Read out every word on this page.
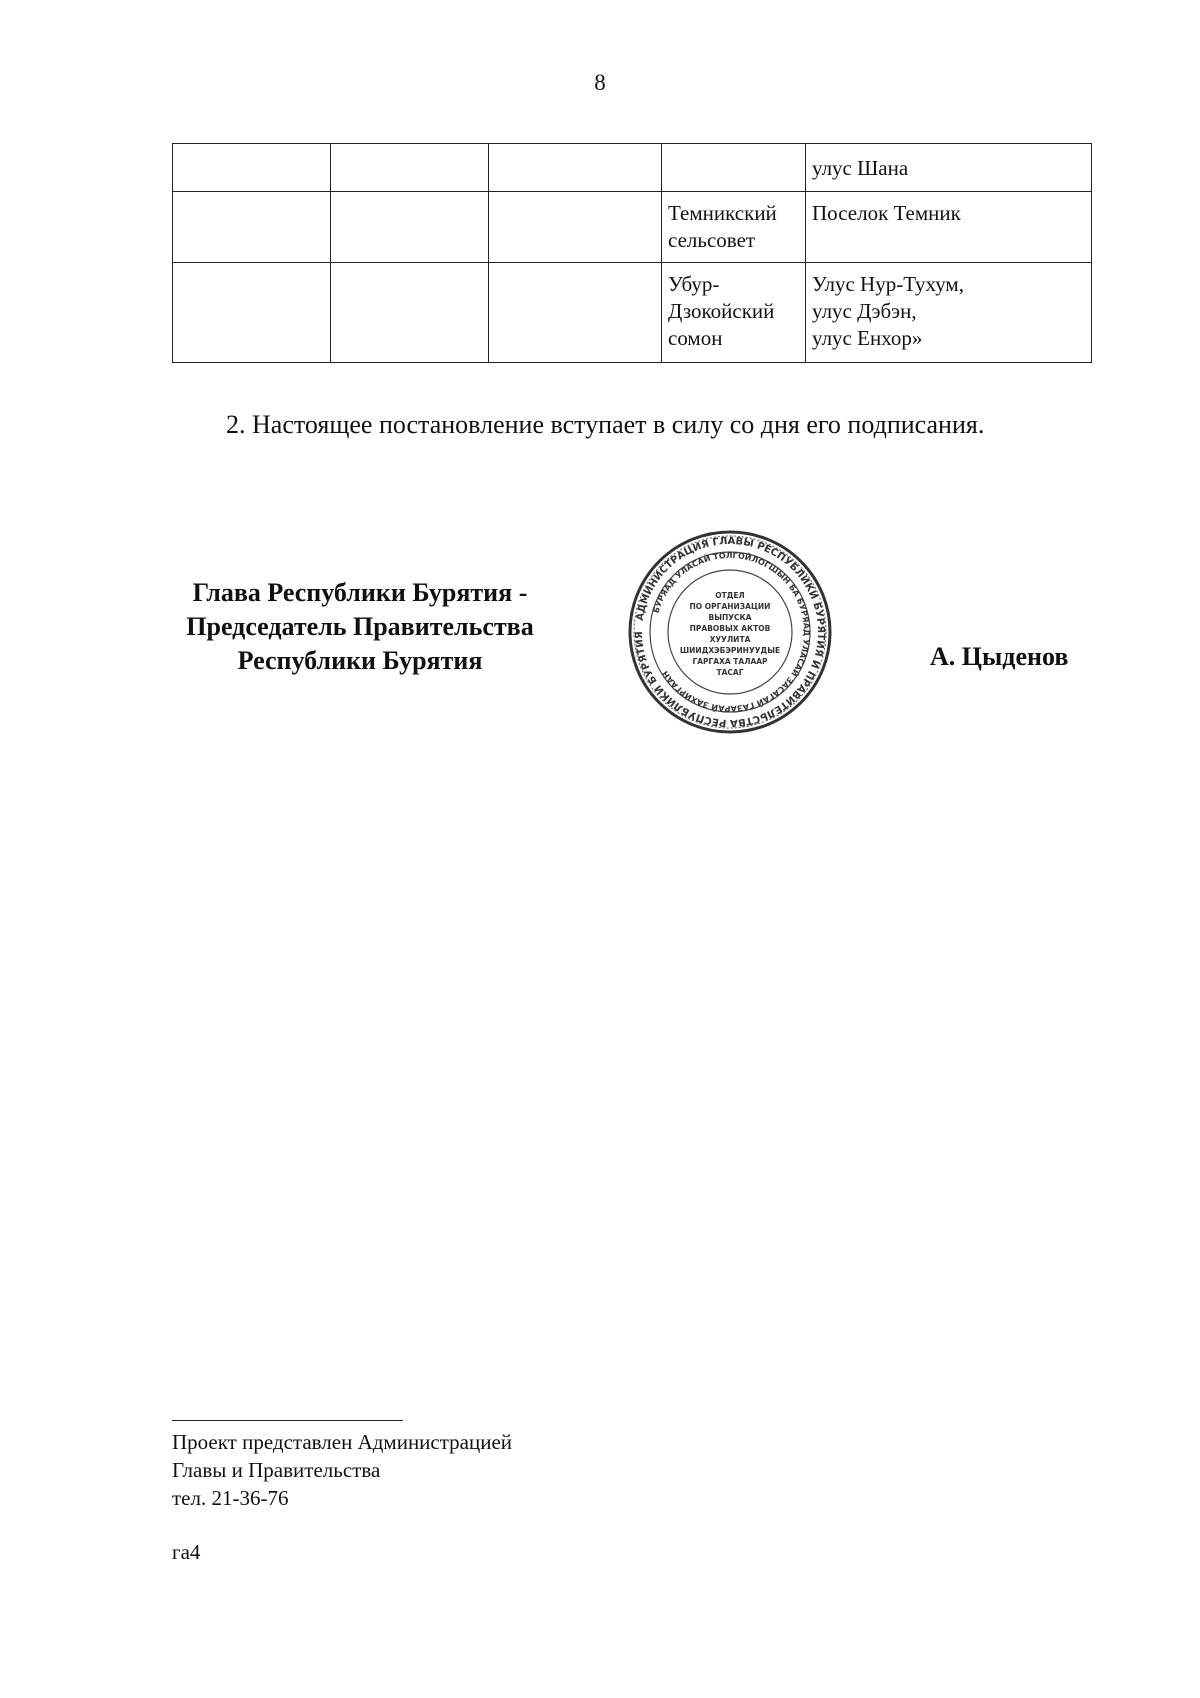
8

				улус Шана

			Темникский
сельсовет	Поселок Темник

			Убур-
Дзокойский
сомон	Улус Нур-Тухум,
улус Дэбэн,
улус Енхор»
2. Настоящее постановление вступает в силу со дня его подписания.
Глава Республики Бурятия -
Председатель Правительства
Республики Бурятия
АДМИНИСТРАЦИЯ ГЛАВЫ РЕСПУБЛИКИ БУРЯТИЯ И ПРАВИТЕЛЬСТВА РЕСПУБЛИКИ БУРЯТИЯ
БУРЯАД УЛАСАЙ ТОЛГОЙЛОГШЫН БА БУРЯАД УЛАСАЙ ЗАСАГАЙ ГАЗАРАЙ ЗАХИРГААН
ОТДЕЛ
ПО ОРГАНИЗАЦИИ
ВЫПУСКА
ПРАВОВЫХ АКТОВ
ХУУЛИТА
ШИИДХЭБЭРИНУУДЫЕ
ГАРГАХА ТАЛААР
ТАСАГ
А. Цыденов
Проект представлен Администрацией
Главы и Правительства
тел. 21-36-76
га4
